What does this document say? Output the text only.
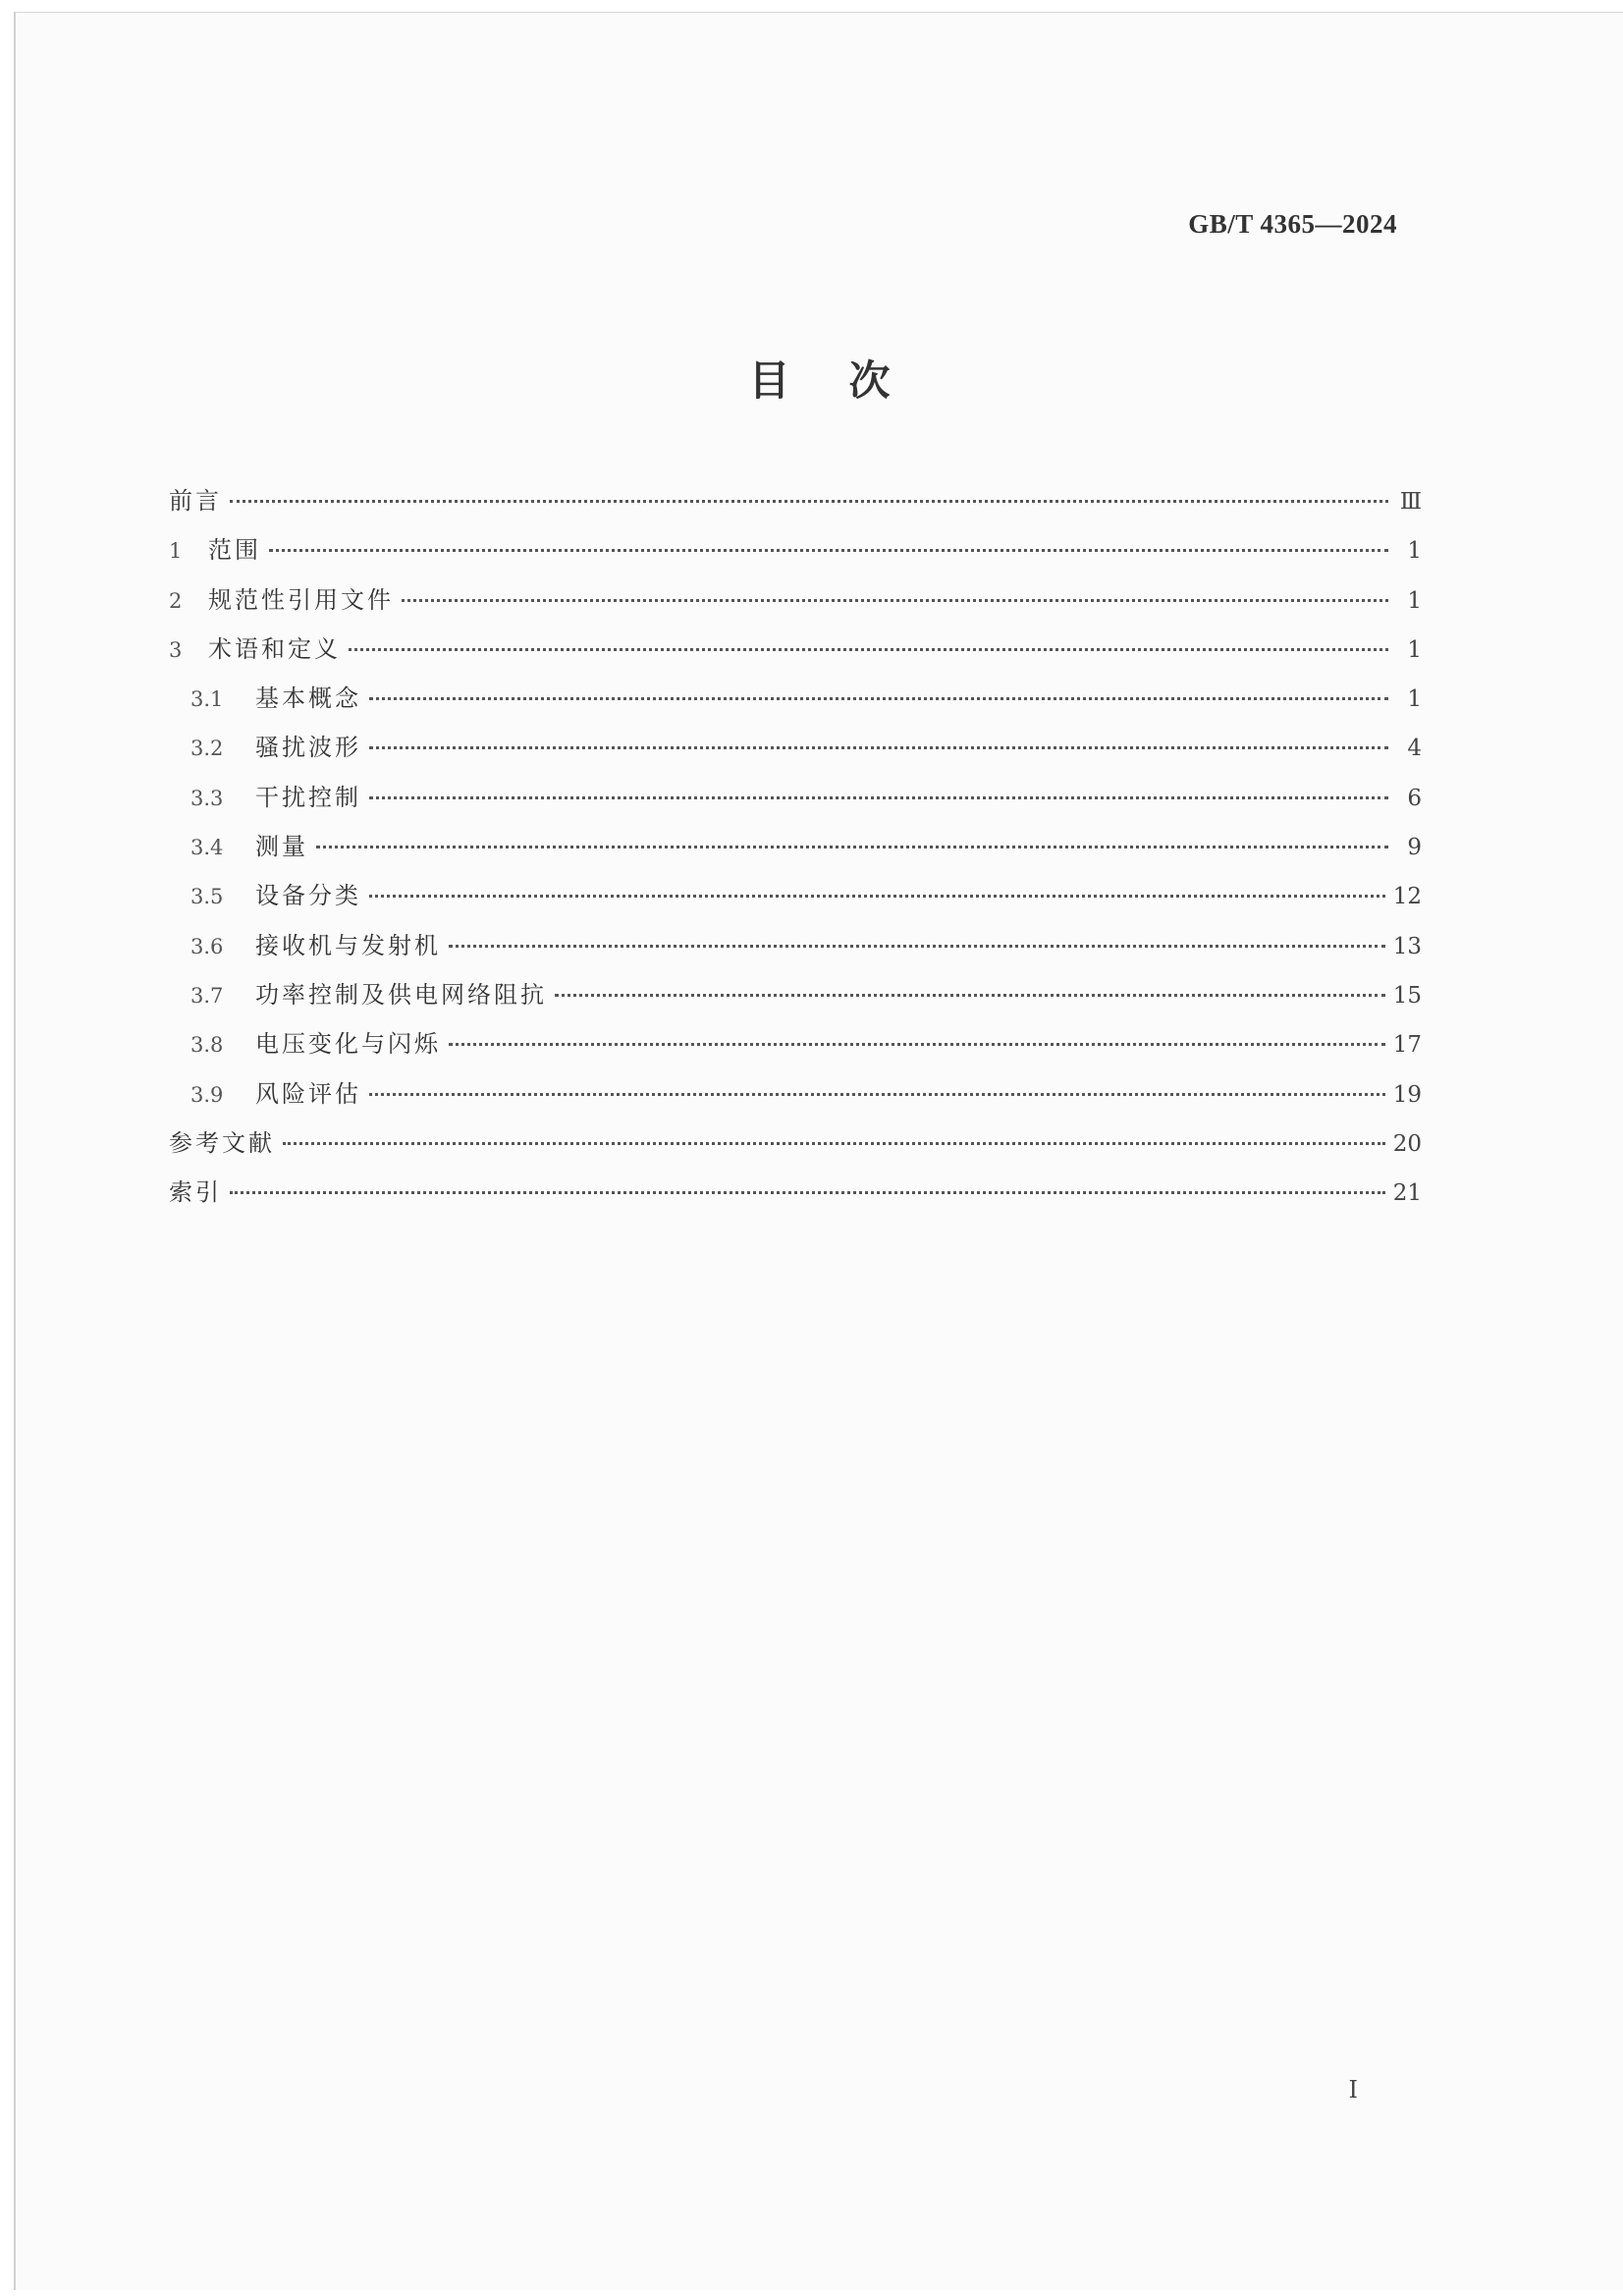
GB/T 4365—2024
目次
前言	Ⅲ
1	范围	1
2	规范性引用文件	1
3	术语和定义	1
3.1	基本概念	1
3.2	骚扰波形	4
3.3	干扰控制	6
3.4	测量	9
3.5	设备分类	12
3.6	接收机与发射机	13
3.7	功率控制及供电网络阻抗	15
3.8	电压变化与闪烁	17
3.9	风险评估	19
参考文献	20
索引	21
Ⅰ
